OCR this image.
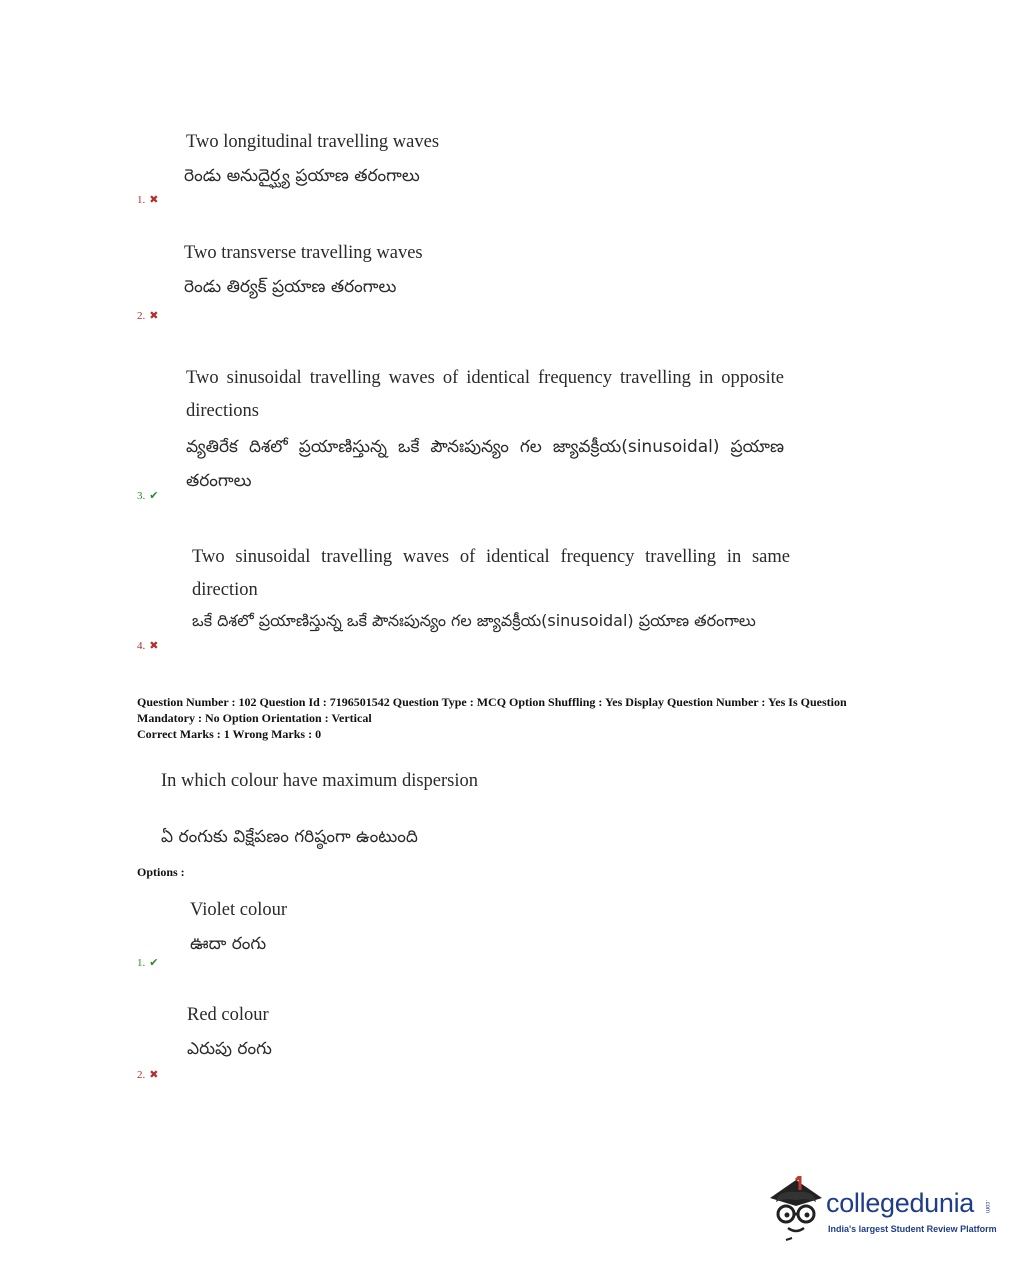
Two longitudinal travelling waves
రెండు అనుదైర్ఘ్య ప్రయాణ తరంగాలు
1. ✖
Two transverse travelling waves
రెండు తిర్యక్ ప్రయాణ తరంగాలు
2. ✖
Two sinusoidal travelling waves of identical frequency travelling in opposite directions
వ్యతిరేక దిశలో ప్రయాణిస్తున్న ఒకే పౌనఃపున్యం గల జ్యావక్రీయ(sinusoidal) ప్రయాణ తరంగాలు
3. ✔
Two sinusoidal travelling waves of identical frequency travelling in same direction
ఒకే దిశలో ప్రయాణిస్తున్న ఒకే పౌనఃపున్యం గల జ్యావక్రీయ(sinusoidal) ప్రయాణ తరంగాలు
4. ✖
Question Number : 102 Question Id : 7196501542 Question Type : MCQ Option Shuffling : Yes Display Question Number : Yes Is Question Mandatory : No Option Orientation : Vertical
Correct Marks : 1 Wrong Marks : 0
In which colour have maximum dispersion
ఏ రంగుకు విక్షేపణం గరిష్ఠంగా ఉంటుంది
Options :
Violet colour
ఊదా రంగు
1. ✔
Red colour
ఎరుపు రంగు
2. ✖
collegedunia .com
India's largest Student Review Platform
